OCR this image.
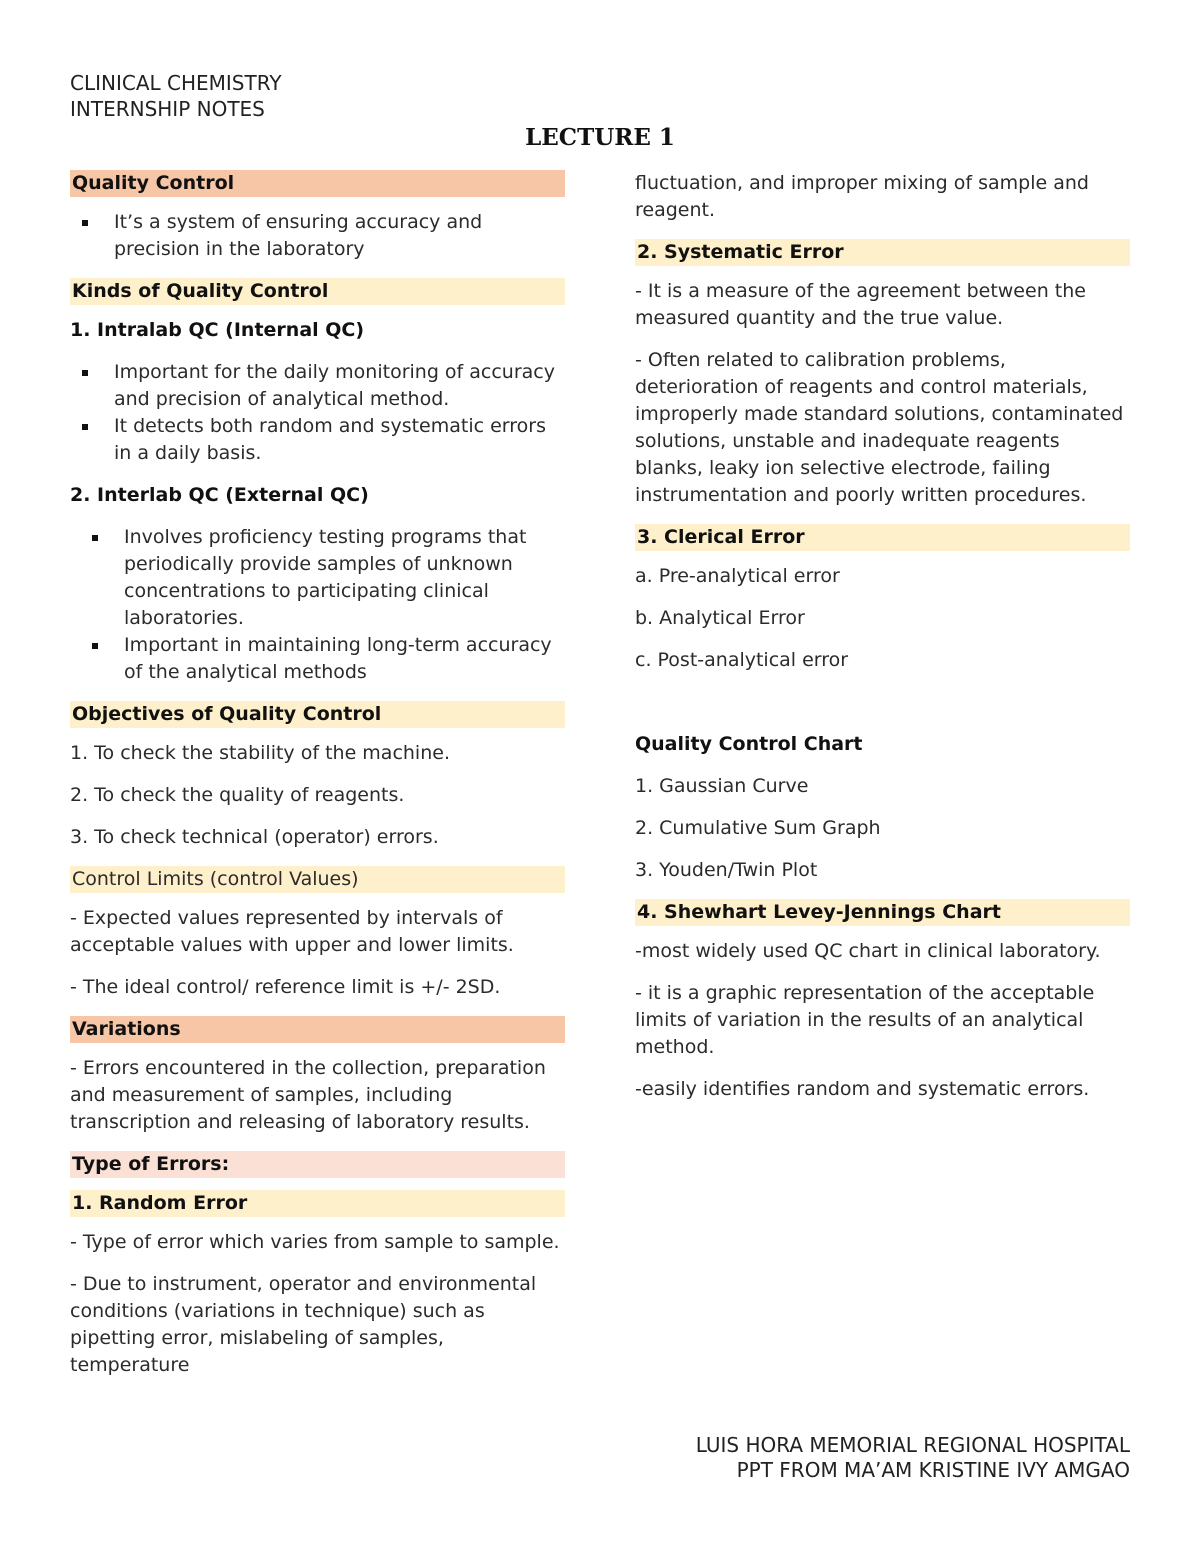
CLINICAL CHEMISTRY
INTERNSHIP NOTES
LECTURE 1
Quality Control
It’s a system of ensuring accuracy and precision in the laboratory
Kinds of Quality Control
1. Intralab QC (Internal QC)
Important for the daily monitoring of accuracy and precision of analytical method.
It detects both random and systematic errors in a daily basis.
2. Interlab QC (External QC)
Involves proficiency testing programs that periodically provide samples of unknown concentrations to participating clinical laboratories.
Important in maintaining long-term accuracy of the analytical methods
Objectives of Quality Control

1. To check the stability of the machine.

2. To check the quality of reagents.

3. To check technical (operator) errors.

Control Limits (control Values)

- Expected values represented by intervals of acceptable values with upper and lower limits.

- The ideal control/ reference limit is +/- 2SD.

Variations

- Errors encountered in the collection, preparation and measurement of samples, including transcription and releasing of laboratory results.

Type of Errors:
1. Random Error

- Type of error which varies from sample to sample.

- Due to instrument, operator and environmental conditions (variations in technique) such as pipetting error, mislabeling of samples, temperature

fluctuation, and improper mixing of sample and reagent.

2. Systematic Error

- It is a measure of the agreement between the measured quantity and the true value.

- Often related to calibration problems, deterioration of reagents and control materials, improperly made standard solutions, contaminated solutions, unstable and inadequate reagents blanks, leaky ion selective electrode, failing instrumentation and poorly written procedures.

3. Clerical Error

a. Pre-analytical error

b. Analytical Error

c. Post-analytical error

Quality Control Chart

1. Gaussian Curve

2. Cumulative Sum Graph

3. Youden/Twin Plot

4. Shewhart Levey-Jennings Chart

-most widely used QC chart in clinical laboratory.

- it is a graphic representation of the acceptable limits of variation in the results of an analytical method.

-easily identifies random and systematic errors.

LUIS HORA MEMORIAL REGIONAL HOSPITAL
PPT FROM MA’AM KRISTINE IVY AMGAO
